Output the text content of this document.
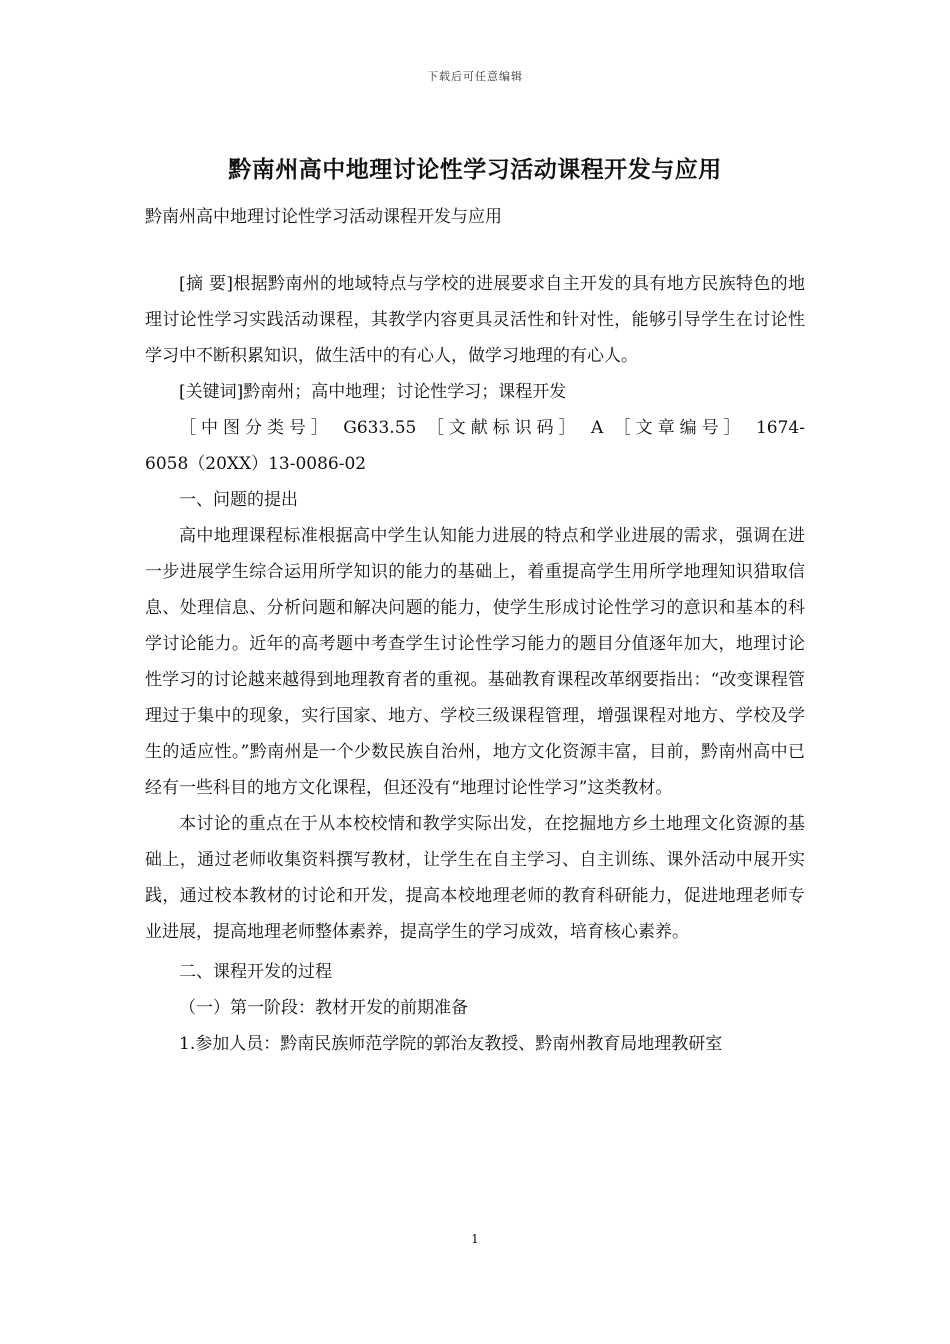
下载后可任意编辑
黔南州高中地理讨论性学习活动课程开发与应用
黔南州高中地理讨论性学习活动课程开发与应用

[摘 要]根据黔南州的地域特点与学校的进展要求自主开发的具有地方民族特色的地理讨论性学习实践活动课程，其教学内容更具灵活性和针对性，能够引导学生在讨论性学习中不断积累知识，做生活中的有心人，做学习地理的有心人。

[关键词]黔南州；高中地理；讨论性学习；课程开发

［中图分类号］ G633.55 ［文献标识码］ A ［文章编号］ 1674-

6058（20XX）13-0086-02

一、问题的提出

高中地理课程标准根据高中学生认知能力进展的特点和学业进展的需求，强调在进一步进展学生综合运用所学知识的能力的基础上，着重提高学生用所学地理知识猎取信息、处理信息、分析问题和解决问题的能力，使学生形成讨论性学习的意识和基本的科学讨论能力。近年的高考题中考查学生讨论性学习能力的题目分值逐年加大，地理讨论性学习的讨论越来越得到地理教育者的重视。基础教育课程改革纲要指出：“改变课程管理过于集中的现象，实行国家、地方、学校三级课程管理，增强课程对地方、学校及学生的适应性。”黔南州是一个少数民族自治州，地方文化资源丰富，目前，黔南州高中已经有一些科目的地方文化课程，但还没有“地理讨论性学习”这类教材。

本讨论的重点在于从本校校情和教学实际出发，在挖掘地方乡土地理文化资源的基础上，通过老师收集资料撰写教材，让学生在自主学习、自主训练、课外活动中展开实践，通过校本教材的讨论和开发，提高本校地理老师的教育科研能力，促进地理老师专业进展，提高地理老师整体素养，提高学生的学习成效，培育核心素养。

二、课程开发的过程

（一）第一阶段：教材开发的前期准备

1.参加人员：黔南民族师范学院的郭治友教授、黔南州教育局地理教研室

1
